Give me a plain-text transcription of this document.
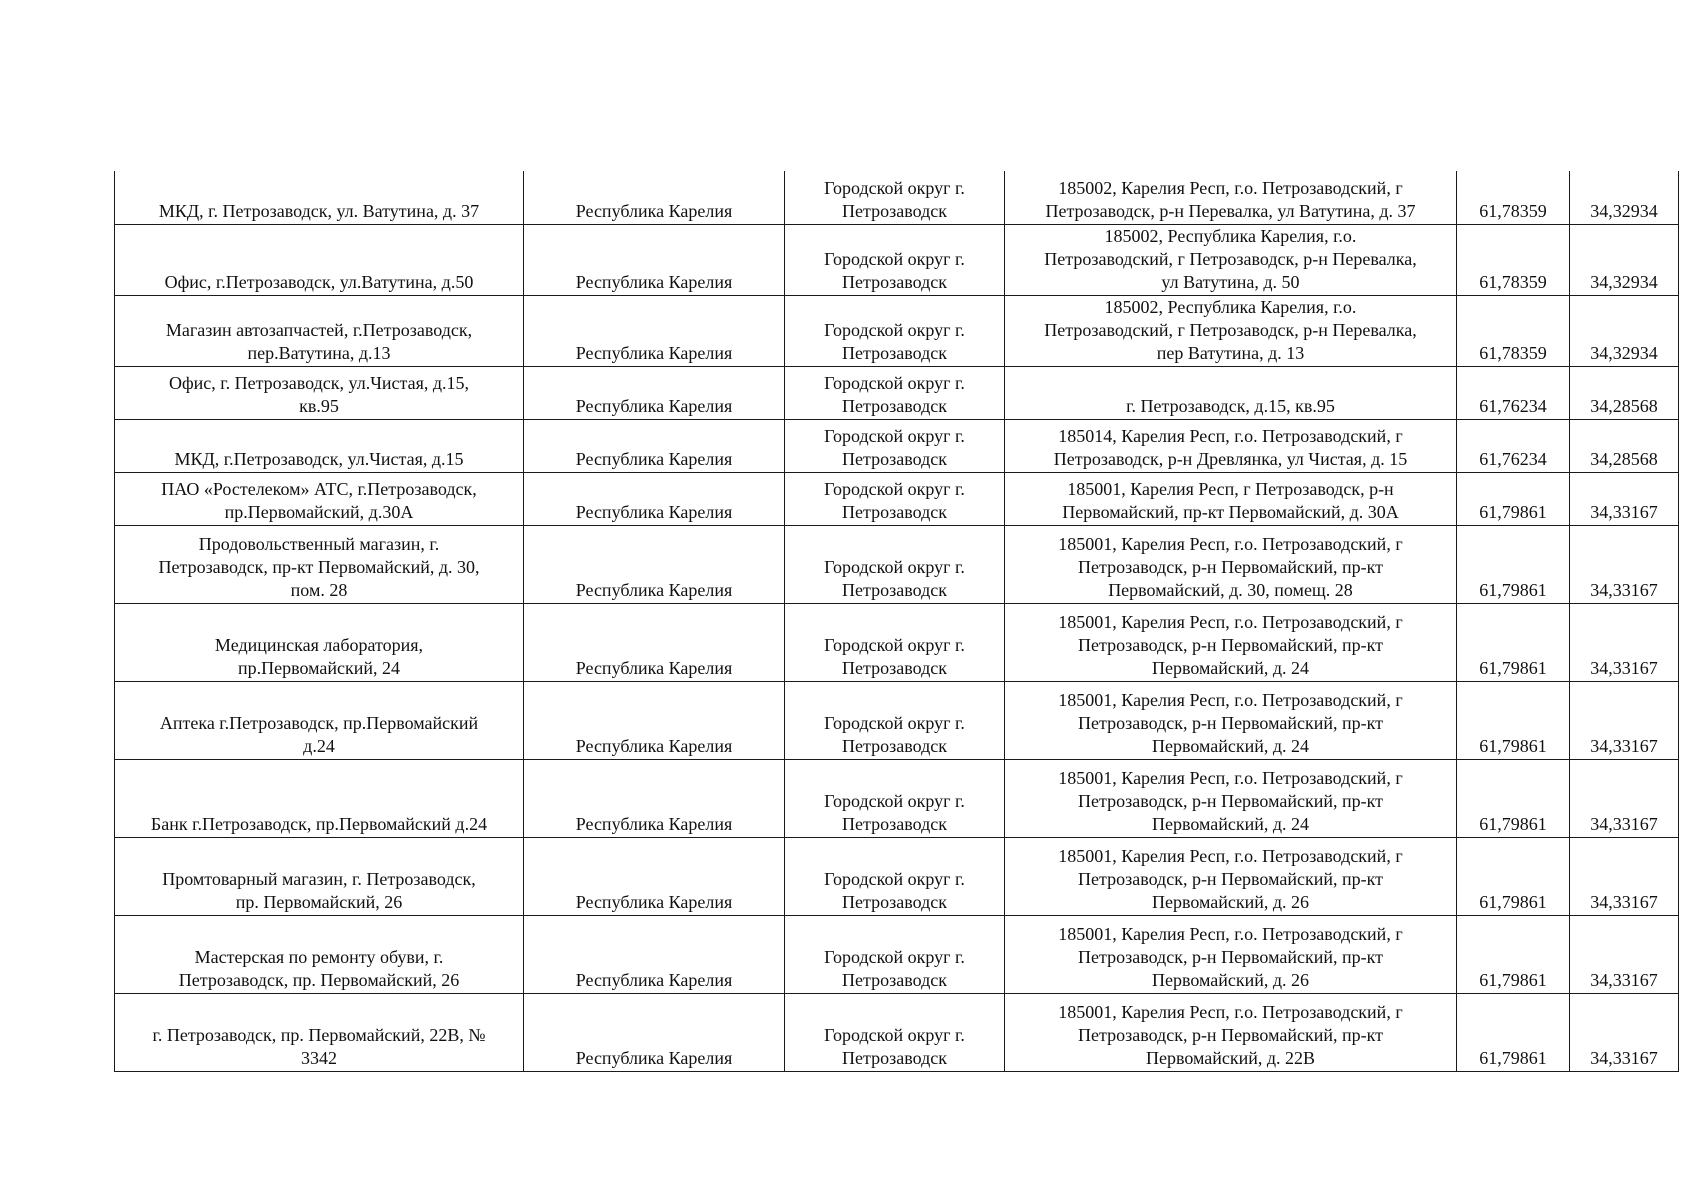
МКД, г. Петрозаводск, ул. Ватутина, д. 37	Республика Карелия	Городской округ г.
Петрозаводск	185002, Карелия Респ, г.о. Петрозаводский, г
Петрозаводск, р-н Перевалка, ул Ватутина, д. 37	61,78359	34,32934
Офис, г.Петрозаводск, ул.Ватутина, д.50	Республика Карелия	Городской округ г.
Петрозаводск	185002, Республика Карелия, г.о.
Петрозаводский, г Петрозаводск, р-н Перевалка,
ул Ватутина, д. 50	61,78359	34,32934
Магазин автозапчастей, г.Петрозаводск,
пер.Ватутина, д.13	Республика Карелия	Городской округ г.
Петрозаводск	185002, Республика Карелия, г.о.
Петрозаводский, г Петрозаводск, р-н Перевалка,
пер Ватутина, д. 13	61,78359	34,32934
Офис, г. Петрозаводск, ул.Чистая, д.15,
кв.95	Республика Карелия	Городской округ г.
Петрозаводск	г. Петрозаводск, д.15, кв.95	61,76234	34,28568
МКД, г.Петрозаводск, ул.Чистая, д.15	Республика Карелия	Городской округ г.
Петрозаводск	185014, Карелия Респ, г.о. Петрозаводский, г
Петрозаводск, р-н Древлянка, ул Чистая, д. 15	61,76234	34,28568
ПАО «Ростелеком» АТС, г.Петрозаводск,
пр.Первомайский, д.30А	Республика Карелия	Городской округ г.
Петрозаводск	185001, Карелия Респ, г Петрозаводск, р-н
Первомайский, пр-кт Первомайский, д. 30А	61,79861	34,33167
Продовольственный магазин, г.
Петрозаводск, пр-кт Первомайский, д. 30,
пом. 28	Республика Карелия	Городской округ г.
Петрозаводск	185001, Карелия Респ, г.о. Петрозаводский, г
Петрозаводск, р-н Первомайский, пр-кт
Первомайский, д. 30, помещ. 28	61,79861	34,33167
Медицинская лаборатория,
пр.Первомайский, 24	Республика Карелия	Городской округ г.
Петрозаводск	185001, Карелия Респ, г.о. Петрозаводский, г
Петрозаводск, р-н Первомайский, пр-кт
Первомайский, д. 24	61,79861	34,33167
Аптека г.Петрозаводск, пр.Первомайский
д.24	Республика Карелия	Городской округ г.
Петрозаводск	185001, Карелия Респ, г.о. Петрозаводский, г
Петрозаводск, р-н Первомайский, пр-кт
Первомайский, д. 24	61,79861	34,33167
Банк г.Петрозаводск, пр.Первомайский д.24	Республика Карелия	Городской округ г.
Петрозаводск	185001, Карелия Респ, г.о. Петрозаводский, г
Петрозаводск, р-н Первомайский, пр-кт
Первомайский, д. 24	61,79861	34,33167
Промтоварный магазин, г. Петрозаводск,
пр. Первомайский, 26	Республика Карелия	Городской округ г.
Петрозаводск	185001, Карелия Респ, г.о. Петрозаводский, г
Петрозаводск, р-н Первомайский, пр-кт
Первомайский, д. 26	61,79861	34,33167
Мастерская по ремонту обуви, г.
Петрозаводск, пр. Первомайский, 26	Республика Карелия	Городской округ г.
Петрозаводск	185001, Карелия Респ, г.о. Петрозаводский, г
Петрозаводск, р-н Первомайский, пр-кт
Первомайский, д. 26	61,79861	34,33167
г. Петрозаводск, пр. Первомайский, 22В, №
3342	Республика Карелия	Городской округ г.
Петрозаводск	185001, Карелия Респ, г.о. Петрозаводский, г
Петрозаводск, р-н Первомайский, пр-кт
Первомайский, д. 22В	61,79861	34,33167
